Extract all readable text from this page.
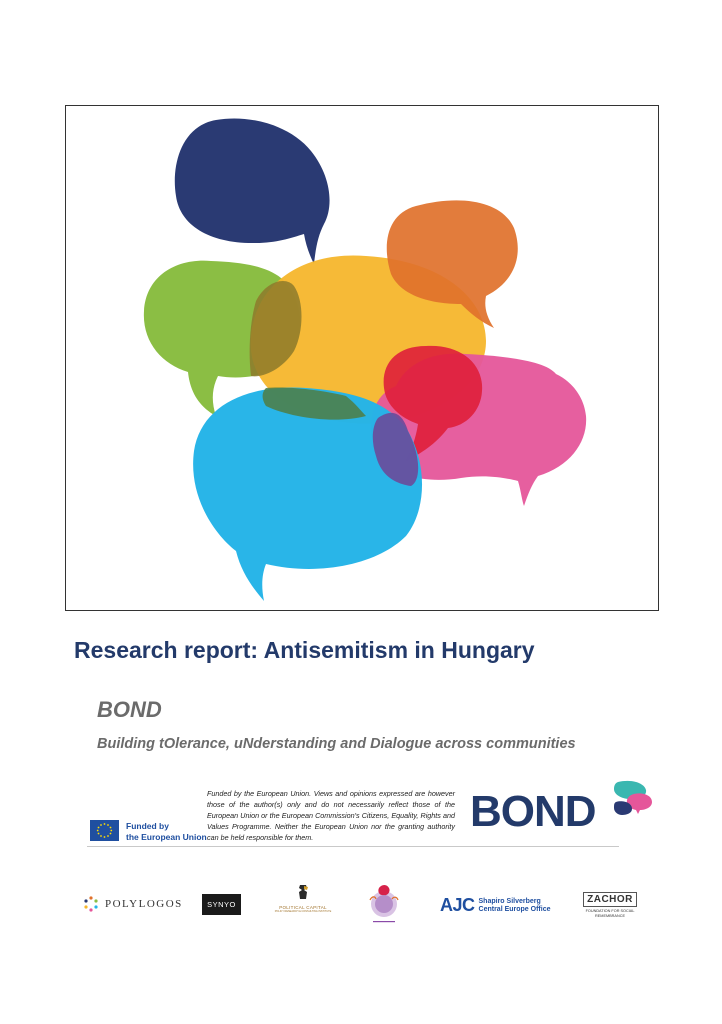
Research report: Antisemitism in Hungary
BOND

Building tOlerance, uNderstanding and Dialogue across communities

Funded by
the European Union
Funded by the European Union. Views and opinions expressed are however those of the author(s) only and do not necessarily reflect those of the European Union or the European Commission's Citizens, Equality, Rights and Values Programme. Neither the European Union nor the granting authority can be held responsible for them.
BOND
POLYLOGOS	SYNYO	POLITICAL CAPITAL
POLICY RESEARCH & CONSULTING INSTITUTE	AJC Shapiro Silverberg
Central Europe Office
ZACHOR
FOUNDATION FOR SOCIAL
REMEMBRANCE
